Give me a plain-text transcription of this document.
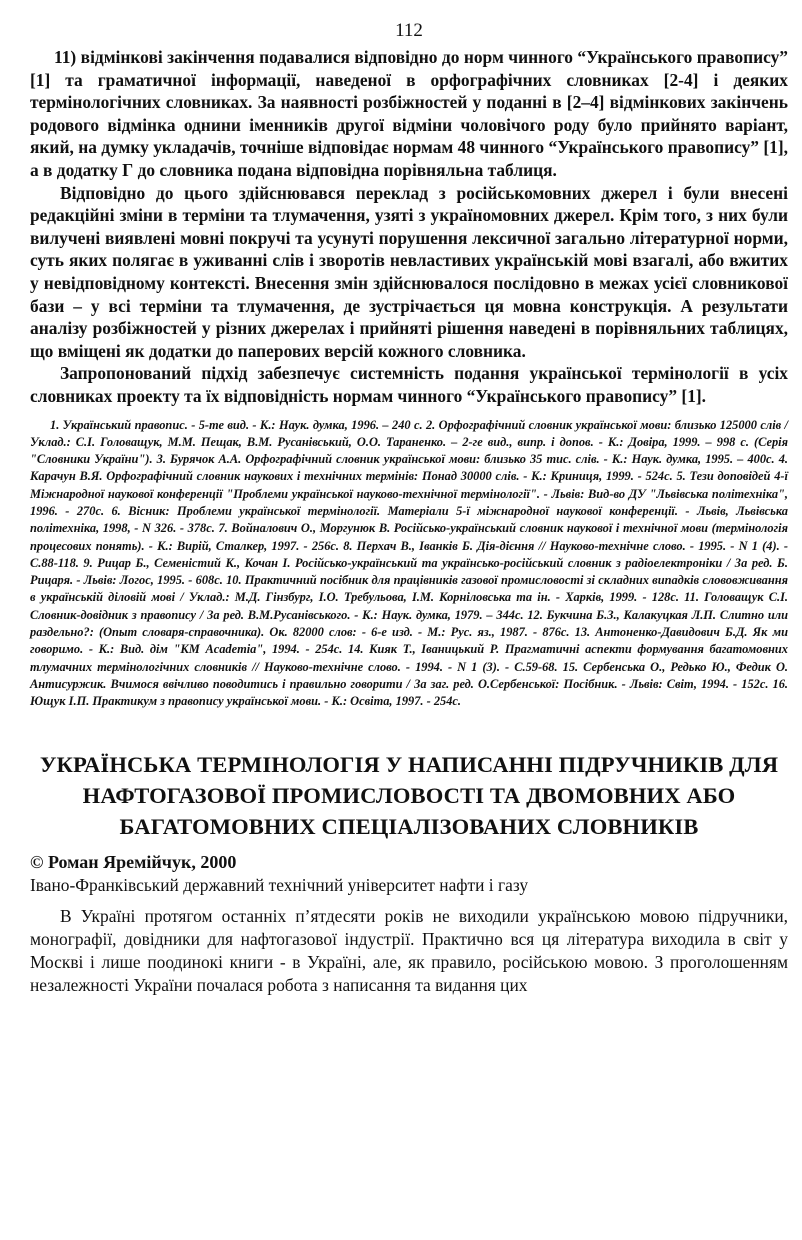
112

11) відмінкові закінчення подавалися відповідно до норм чинного “Українського правопису” [1] та граматичної інформації, наведеної в орфографічних словниках [2-4] і деяких термінологічних словниках. За наявності розбіжностей у поданні в [2–4] відмінкових закінчень родового відмінка однини іменників другої відміни чоловічого роду було прийнято варіант, який, на думку укладачів, точніше відповідає нормам 48 чинного “Українського правопису” [1], а в додатку Г до словника подана відповідна порівняльна таблиця.

Відповідно до цього здійснювався переклад з російськомовних джерел і були внесені редакційні зміни в терміни та тлумачення, узяті з україномовних джерел. Крім того, з них були вилучені виявлені мовні покручі та усунуті порушення лексичної загально літературної норми, суть яких полягає в уживанні слів і зворотів невластивих українській мові взагалі, або вжитих у невідповідному контексті. Внесення змін здійснювалося послідовно в межах усієї словникової бази – у всі терміни та тлумачення, де зустрічається ця мовна конструкція. А результати аналізу розбіжностей у різних джерелах і прийняті рішення наведені в порівняльних таблицях, що вміщені як додатки до паперових версій кожного словника.

Запропонований підхід забезпечує системність подання української термінології в усіх словниках проекту та їх відповідність нормам чинного “Українського правопису” [1].

1. Український правопис. - 5-те вид. - К.: Наук. думка, 1996. – 240 с. 2. Орфографічний словник української мови: близько 125000 слів / Уклад.: С.І. Головащук, М.М. Пещак, В.М. Русанівський, О.О. Тараненко. – 2-ге вид., випр. і допов. - К.: Довіра, 1999. – 998 с. (Серія "Словники України"). 3. Бурячок А.А. Орфографічний словник української мови: близько 35 тис. слів. - К.: Наук. думка, 1995. – 400с. 4. Карачун В.Я. Орфографічний словник наукових і технічних термінів: Понад 30000 слів. - К.: Криниця, 1999. - 524с. 5. Тези доповідей 4-ї Міжнародної наукової конференції "Проблеми української науково-технічної термінології". - Львів: Вид-во ДУ "Львівська політехніка", 1996. - 270с. 6. Вісник: Проблеми української термінології. Матеріали 5-ї міжнародної наукової конференції. - Львів, Львівська політехніка, 1998, - N 326. - 378с. 7. Войналович О., Моргунюк В. Російсько-український словник наукової і технічної мови (термінологія процесових понять). - К.: Вирій, Сталкер, 1997. - 256с. 8. Перхач В., Іванків Б. Дія-дієння // Науково-технічне слово. - 1995. - N 1 (4). - С.88-118. 9. Рицар Б., Семеністий К., Кочан І. Російсько-український та українсько-російський словник з радіоелектроніки / За ред. Б. Рицаря. - Львів: Логос, 1995. - 608с. 10. Практичний посібник для працівників газової промисловості зі складних випадків слововживання в українській діловій мові / Уклад.: М.Д. Гінзбург, І.О. Требульова, І.М. Корніловська та ін. - Харків, 1999. - 128с. 11. Головащук С.І. Словник-довідник з правопису / За ред. В.М.Русанівського. - К.: Наук. думка, 1979. – 344с. 12. Букчина Б.З., Калакуцкая Л.П. Слитно или раздельно?: (Опыт словаря-справочника). Ок. 82000 слов: - 6-е изд. - М.: Рус. яз., 1987. - 876с. 13. Антоненко-Давидович Б.Д. Як ми говоримо. - К.: Вид. дім "КМ Academia", 1994. - 254с. 14. Кияк Т., Іваницький Р. Прагматичні аспекти формування багатомовних тлумачних термінологічних словників // Науково-технічне слово. - 1994. - N 1 (3). - С.59-68. 15. Сербенська О., Редько Ю., Федик О. Антисуржик. Вчимося ввічливо поводитись і правильно говорити / За заг. ред. О.Сербенської: Посібник. - Львів: Світ, 1994. - 152с. 16. Ющук І.П. Практикум з правопису української мови. - К.: Освіта, 1997. - 254с.
УКРАЇНСЬКА ТЕРМІНОЛОГІЯ У НАПИСАННІ ПІДРУЧНИКІВ ДЛЯ НАФТОГАЗОВОЇ ПРОМИСЛОВОСТІ ТА ДВОМОВНИХ АБО БАГАТОМОВНИХ СПЕЦІАЛІЗОВАНИХ СЛОВНИКІВ
© Роман Яремійчук, 2000
Івано-Франківський державний технічний університет нафти і газу

В Україні протягом останніх п’ятдесяти років не виходили українською мовою підручники, монографії, довідники для нафтогазової індустрії. Практично вся ця література виходила в світ у Москві і лише поодинокі книги - в Україні, але, як правило, російською мовою. З проголошенням незалежності України почалася робота з написання та видання цих
